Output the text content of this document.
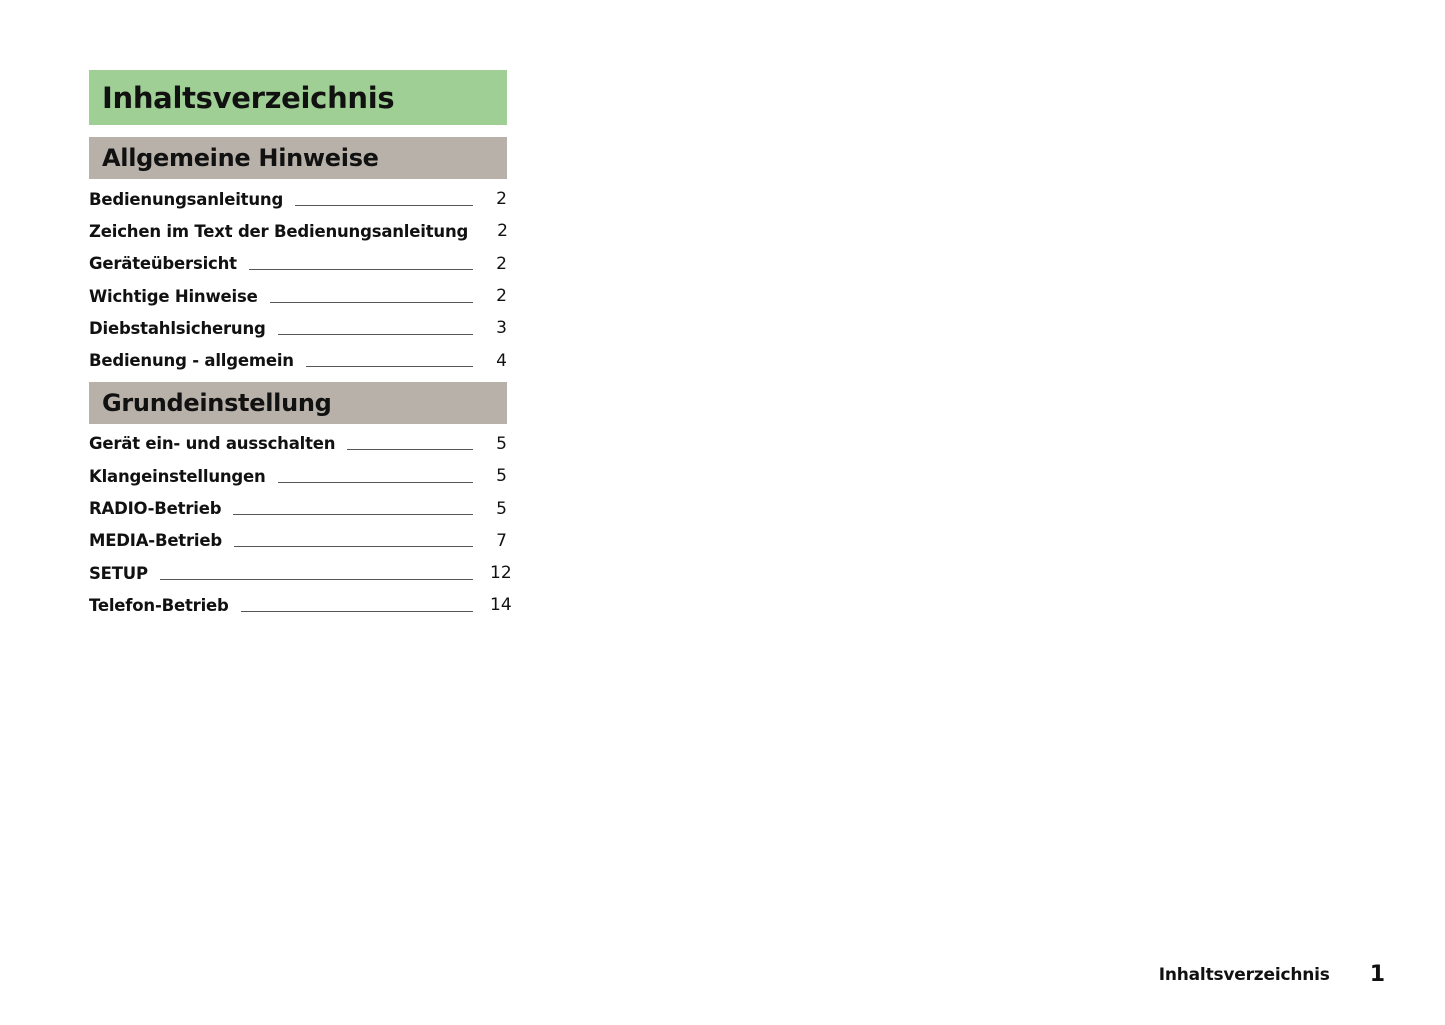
Inhaltsverzeichnis
Allgemeine Hinweise
Bedienungsanleitung	2
Zeichen im Text der Bedienungsanleitung 2
Geräteübersicht	2
Wichtige Hinweise	2
Diebstahlsicherung	3
Bedienung - allgemein	4
Grundeinstellung
Gerät ein- und ausschalten	5
Klangeinstellungen	5
RADIO-Betrieb	5
MEDIA-Betrieb	7
SETUP	12
Telefon-Betrieb	14
Inhaltsverzeichnis 1
